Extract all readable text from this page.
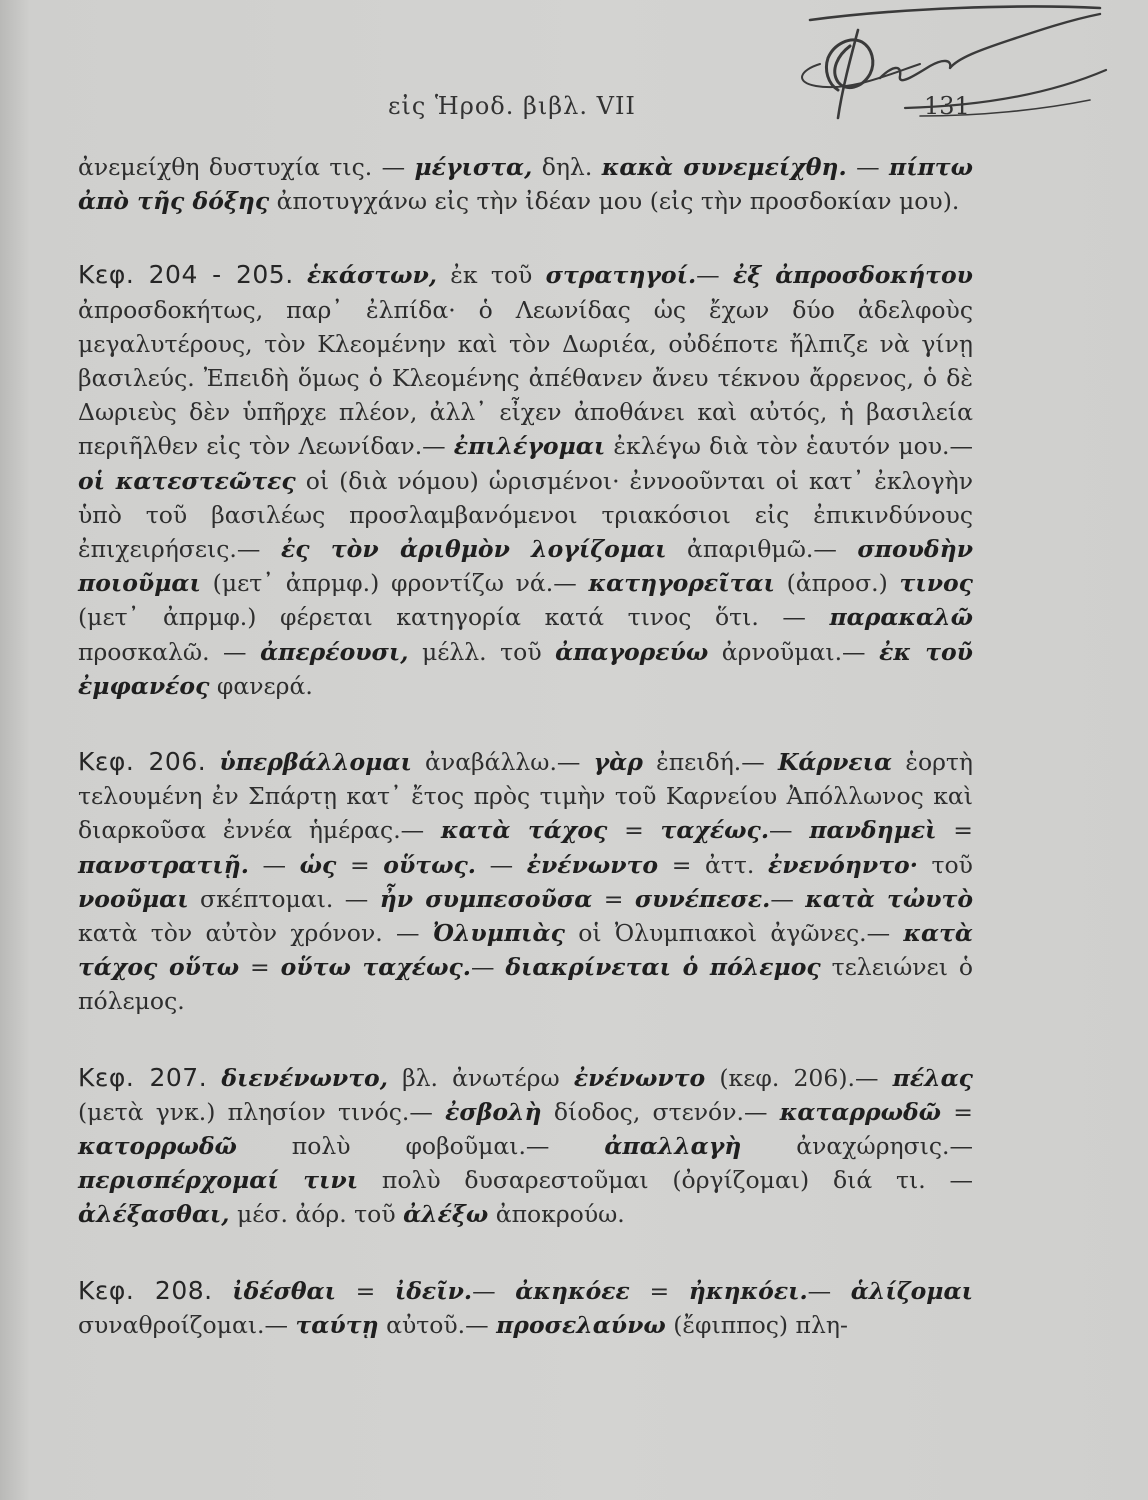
εἰς Ἡροδ. βιβλ. VII	131

ἀνεμείχθη δυστυχία τις. — μέγιστα, δηλ. κακὰ συνεμείχθη. — πίπτω ἀπὸ τῆς δόξης ἀποτυγχάνω εἰς τὴν ἰδέαν μου (εἰς τὴν προσδοκίαν μου).

Κεφ. 204 - 205. ἑκάστων, ἐκ τοῦ στρατηγοί.— ἐξ ἀπροσδοκήτου ἀπροσδοκήτως, παρ᾽ ἐλπίδα· ὁ Λεωνίδας ὡς ἔχων δύο ἀδελφοὺς μεγαλυτέρους, τὸν Κλεομένην καὶ τὸν Δωριέα, οὐδέποτε ἤλπιζε νὰ γίνῃ βασιλεύς. Ἐπειδὴ ὅμως ὁ Κλεομένης ἀπέθανεν ἄνευ τέκνου ἄρρενος, ὁ δὲ Δωριεὺς δὲν ὑπῆρχε πλέον, ἀλλ᾽ εἶχεν ἀποθάνει καὶ αὐτός, ἡ βασιλεία περιῆλθεν εἰς τὸν Λεωνίδαν.— ἐπιλέγομαι ἐκλέγω διὰ τὸν ἑαυτόν μου.— οἱ κατεστεῶτες οἱ (διὰ νόμου) ὡρισμένοι· ἐννοοῦνται οἱ κατ᾽ ἐκλογὴν ὑπὸ τοῦ βασιλέως προσλαμβανόμενοι τριακόσιοι εἰς ἐπικινδύνους ἐπιχειρήσεις.— ἐς τὸν ἀριθμὸν λογίζομαι ἀπαριθμῶ.— σπουδὴν ποιοῦμαι (μετ᾽ ἀπρμφ.) φροντίζω νά.— κατηγορεῖται (ἀπροσ.) τινος (μετ᾽ ἀπρμφ.) φέρεται κατηγορία κατά τινος ὅτι. — παρακαλῶ προσκαλῶ. — ἀπερέουσι, μέλλ. τοῦ ἀπαγορεύω ἀρνοῦμαι.— ἐκ τοῦ ἐμφανέος φανερά.

Κεφ. 206. ὑπερβάλλομαι ἀναβάλλω.— γὰρ ἐπειδή.— Κάρνεια ἑορτὴ τελουμένη ἐν Σπάρτῃ κατ᾽ ἔτος πρὸς τιμὴν τοῦ Καρνείου Ἀπόλλωνος καὶ διαρκοῦσα ἐννέα ἡμέρας.— κατὰ τάχος = ταχέως.— πανδημεὶ = πανστρατιῇ. — ὡς = οὕτως. — ἐνένωντο = ἀττ. ἐνενόηντο· τοῦ νοοῦμαι σκέπτομαι. — ἦν συμπεσοῦσα = συνέπεσε.— κατὰ τὠυτὸ κατὰ τὸν αὐτὸν χρόνον. — Ὀλυμπιὰς οἱ Ὀλυμπιακοὶ ἀγῶνες.— κατὰ τάχος οὕτω = οὕτω ταχέως.— διακρίνεται ὁ πόλεμος τελειώνει ὁ πόλεμος.

Κεφ. 207. διενένωντο, βλ. ἀνωτέρω ἐνένωντο (κεφ. 206).— πέλας (μετὰ γνκ.) πλησίον τινός.— ἐσβολὴ δίοδος, στενόν.— καταρρωδῶ = κατορρωδῶ πολὺ φοβοῦμαι.— ἀπαλλαγὴ ἀναχώρησις.— περισπέρχομαί τινι πολὺ δυσαρεστοῦμαι (ὀργίζομαι) διά τι. — ἀλέξασθαι, μέσ. ἀόρ. τοῦ ἀλέξω ἀποκρούω.

Κεφ. 208. ἰδέσθαι = ἰδεῖν.— ἀκηκόεε = ἠκηκόει.— ἁλίζομαι συναθροίζομαι.— ταύτῃ αὐτοῦ.— προσελαύνω (ἔφιππος) πλη-
